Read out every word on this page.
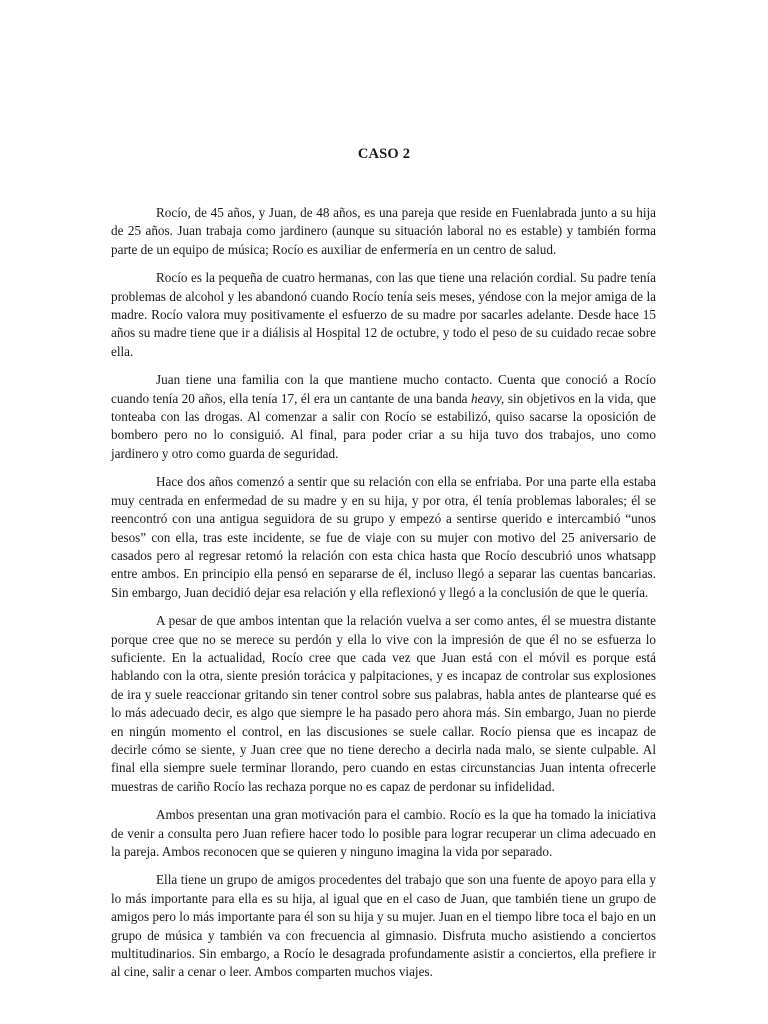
CASO 2

Rocío, de 45 años, y Juan, de 48 años, es una pareja que reside en Fuenlabrada junto a su hija de 25 años. Juan trabaja como jardinero (aunque su situación laboral no es estable) y también forma parte de un equipo de música; Rocío es auxiliar de enfermería en un centro de salud.

Rocío es la pequeña de cuatro hermanas, con las que tiene una relación cordial. Su padre tenía problemas de alcohol y les abandonó cuando Rocío tenía seis meses, yéndose con la mejor amiga de la madre. Rocío valora muy positivamente el esfuerzo de su madre por sacarles adelante. Desde hace 15 años su madre tiene que ir a diálisis al Hospital 12 de octubre, y todo el peso de su cuidado recae sobre ella.

Juan tiene una familia con la que mantiene mucho contacto. Cuenta que conoció a Rocío cuando tenía 20 años, ella tenía 17, él era un cantante de una banda heavy, sin objetivos en la vida, que tonteaba con las drogas. Al comenzar a salir con Rocío se estabilizó, quiso sacarse la oposición de bombero pero no lo consiguió. Al final, para poder criar a su hija tuvo dos trabajos, uno como jardinero y otro como guarda de seguridad.

Hace dos años comenzó a sentir que su relación con ella se enfriaba. Por una parte ella estaba muy centrada en enfermedad de su madre y en su hija, y por otra, él tenía problemas laborales; él se reencontró con una antigua seguidora de su grupo y empezó a sentirse querido e intercambió “unos besos” con ella, tras este incidente, se fue de viaje con su mujer con motivo del 25 aniversario de casados pero al regresar retomó la relación con esta chica hasta que Rocío descubrió unos whatsapp entre ambos. En principio ella pensó en separarse de él, incluso llegó a separar las cuentas bancarias. Sin embargo, Juan decidió dejar esa relación y ella reflexionó y llegó a la conclusión de que le quería.

A pesar de que ambos intentan que la relación vuelva a ser como antes, él se muestra distante porque cree que no se merece su perdón y ella lo vive con la impresión de que él no se esfuerza lo suficiente. En la actualidad, Rocío cree que cada vez que Juan está con el móvil es porque está hablando con la otra, siente presión torácica y palpitaciones, y es incapaz de controlar sus explosiones de ira y suele reaccionar gritando sin tener control sobre sus palabras, habla antes de plantearse qué es lo más adecuado decir, es algo que siempre le ha pasado pero ahora más. Sin embargo, Juan no pierde en ningún momento el control, en las discusiones se suele callar. Rocío piensa que es incapaz de decirle cómo se siente, y Juan cree que no tiene derecho a decirla nada malo, se siente culpable. Al final ella siempre suele terminar llorando, pero cuando en estas circunstancias Juan intenta ofrecerle muestras de cariño Rocío las rechaza porque no es capaz de perdonar su infidelidad.

Ambos presentan una gran motivación para el cambio. Rocío es la que ha tomado la iniciativa de venir a consulta pero Juan refiere hacer todo lo posible para lograr recuperar un clima adecuado en la pareja. Ambos reconocen que se quieren y ninguno imagina la vida por separado.

Ella tiene un grupo de amigos procedentes del trabajo que son una fuente de apoyo para ella y lo más importante para ella es su hija, al igual que en el caso de Juan, que también tiene un grupo de amigos pero lo más importante para él son su hija y su mujer. Juan en el tiempo libre toca el bajo en un grupo de música y también va con frecuencia al gimnasio. Disfruta mucho asistiendo a conciertos multitudinarios. Sin embargo, a Rocío le desagrada profundamente asistir a conciertos, ella prefiere ir al cine, salir a cenar o leer. Ambos comparten muchos viajes.
